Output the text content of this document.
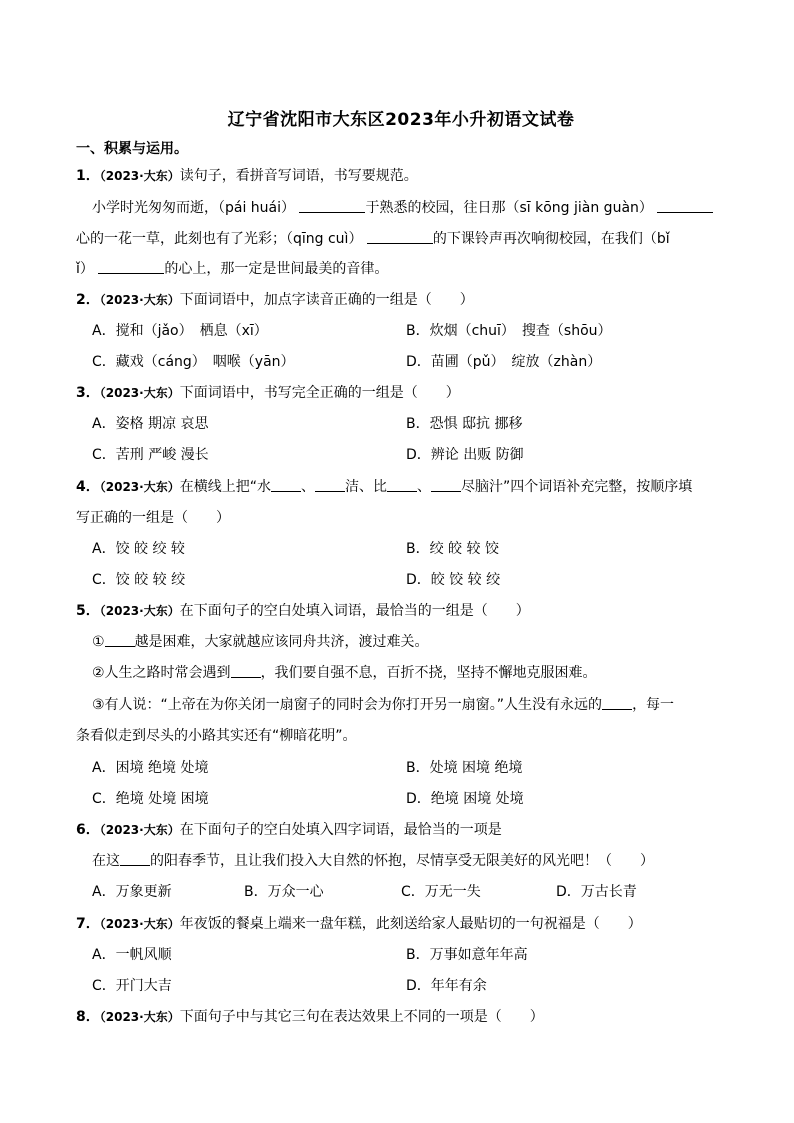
辽宁省沈阳市大东区2023年小升初语文试卷
一、积累与运用。
1．（2023·大东）读句子，看拼音写词语，书写要规范。
小学时光匆匆而逝，（pái huái）	于熟悉的校园，往日那（sī kōng jiàn guàn）
心的一花一草，此刻也有了光彩；（qīng cuì）	的下课铃声再次响彻校园，在我们（bǐ
ǐ）	的心上，那一定是世间最美的音律。
2．（2023·大东）下面词语中，加点字读音正确的一组是（　　）
A．搅和（jǎo）　栖息（xī）	B．炊烟（chuī）　搜查（shōu）
C．藏戏（cáng）　咽喉（yān）	D．苗圃（pǔ）　绽放（zhàn）
3．（2023·大东）下面词语中，书写完全正确的一组是（　　）
A．姿格 期凉 哀思	B．恐惧 邸抗 挪移
C．苦刑 严峻 漫长	D．辨论 出贩 防御
4．（2023·大东）在横线上把“水 、 洁、比 、 尽脑汁”四个词语补充完整，按顺序填
写正确的一组是（　　）
A．饺 皎 绞 较	B．绞 皎 较 饺
C．饺 皎 较 绞	D．皎 饺 较 绞
5．（2023·大东）在下面句子的空白处填入词语，最恰当的一组是（　　）
① 越是困难，大家就越应该同舟共济，渡过难关。
②人生之路时常会遇到 ，我们要自强不息，百折不挠，坚持不懈地克服困难。
③有人说：“上帝在为你关闭一扇窗子的同时会为你打开另一扇窗。”人生没有永远的 ，每一
条看似走到尽头的小路其实还有“柳暗花明”。
A．困境 绝境 处境	B．处境 困境 绝境
C．绝境 处境 困境	D．绝境 困境 处境
6．（2023·大东）在下面句子的空白处填入四字词语，最恰当的一项是
在这 的阳春季节，且让我们投入大自然的怀抱，尽情享受无限美好的风光吧！（　　）
A．万象更新	B．万众一心	C．万无一失	D．万古长青
7．（2023·大东）年夜饭的餐桌上端来一盘年糕，此刻送给家人最贴切的一句祝福是（　　）
A．一帆风顺	B．万事如意年年高
C．开门大吉	D．年年有余
8．（2023·大东）下面句子中与其它三句在表达效果上不同的一项是（　　）
